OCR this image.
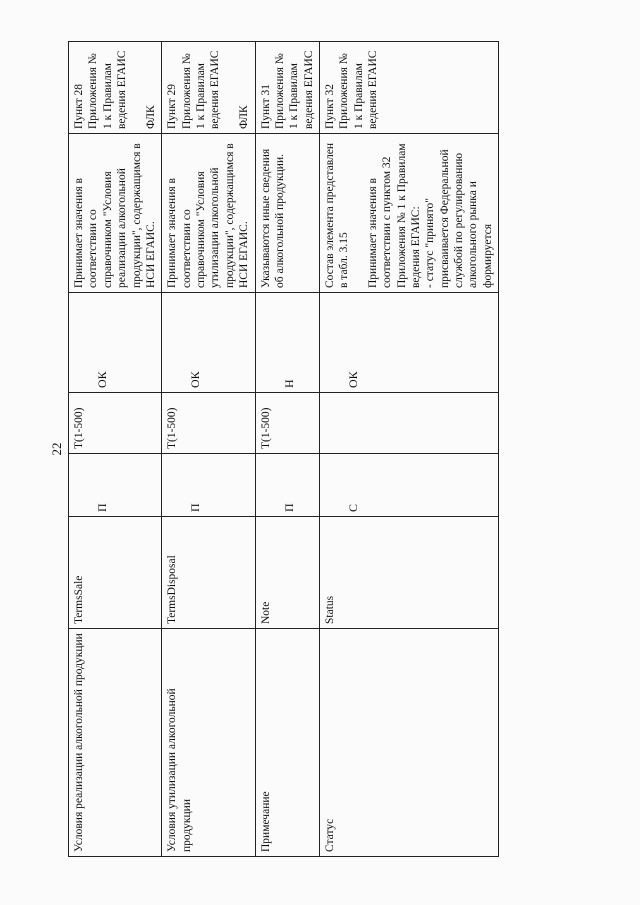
22
Условия реализации алкогольной продукции	TermsSale	П	T(1-500)	ОК	Принимает значения в соответствии со справочником "Условия реализации алкогольной продукции", содержащимся в НСИ ЕГАИС.	Пункт 28 Приложения № 1 к Правилам ведения ЕГАИС ФЛК

Условия утилизации алкогольной продукции	TermsDisposal	П	T(1-500)	ОК	Принимает значения в соответствии со справочником "Условия утилизации алкогольной продукции", содержащимся в НСИ ЕГАИС.	Пункт 29 Приложения № 1 к Правилам ведения ЕГАИС ФЛК

Примечание	Note	П	T(1-500)	Н	Указываются иные сведения об алкогольной продукции.	Пункт 31 Приложения № 1 к Правилам ведения ЕГАИС

Статус	Status	С		ОК	Состав элемента представлен в табл. 3.15 Принимает значения в соответствии с пунктом 32 Приложения № 1 к Правилам ведения ЕГАИС:
- статус "принято" присваивается Федеральной службой по регулированию алкогольного рынка и формируется	Пункт 32 Приложения № 1 к Правилам ведения ЕГАИС
